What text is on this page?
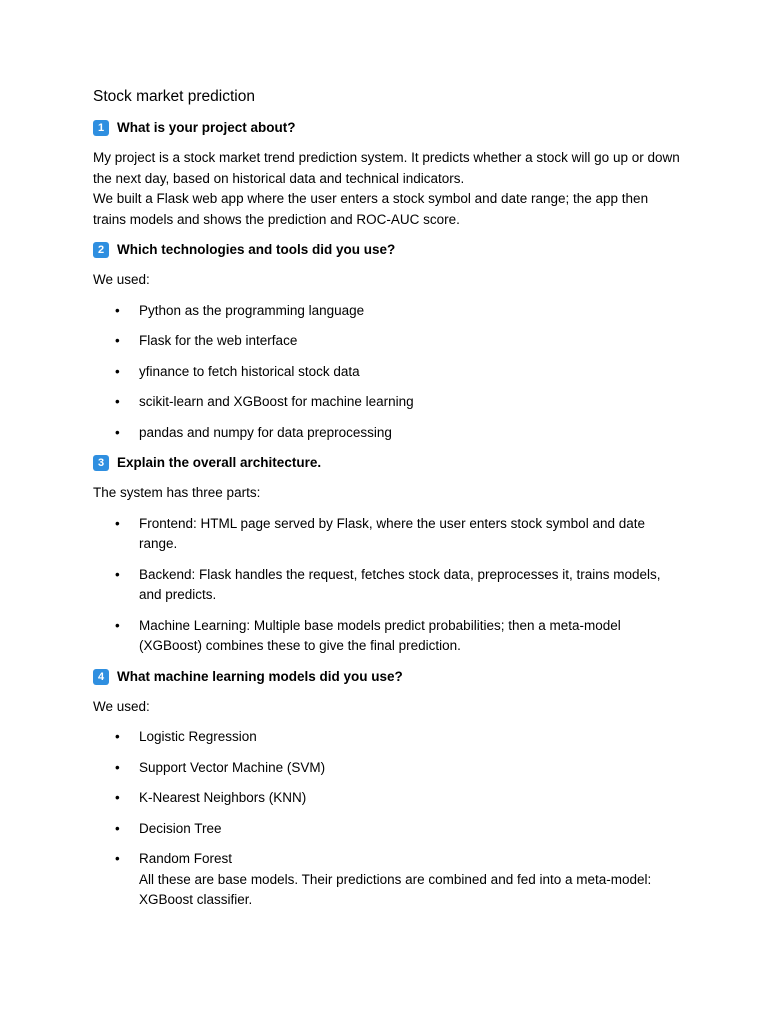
Stock market prediction
1 What is your project about?
My project is a stock market trend prediction system. It predicts whether a stock will go up or down the next day, based on historical data and technical indicators.
We built a Flask web app where the user enters a stock symbol and date range; the app then trains models and shows the prediction and ROC-AUC score.
2 Which technologies and tools did you use?
We used:
• Python as the programming language
• Flask for the web interface
• yfinance to fetch historical stock data
• scikit-learn and XGBoost for machine learning
• pandas and numpy for data preprocessing
3 Explain the overall architecture.
The system has three parts:
• Frontend: HTML page served by Flask, where the user enters stock symbol and date range.
• Backend: Flask handles the request, fetches stock data, preprocesses it, trains models, and predicts.
• Machine Learning: Multiple base models predict probabilities; then a meta-model (XGBoost) combines these to give the final prediction.
4 What machine learning models did you use?
We used:
• Logistic Regression
• Support Vector Machine (SVM)
• K-Nearest Neighbors (KNN)
• Decision Tree
• Random Forest
All these are base models. Their predictions are combined and fed into a meta-model: XGBoost classifier.
